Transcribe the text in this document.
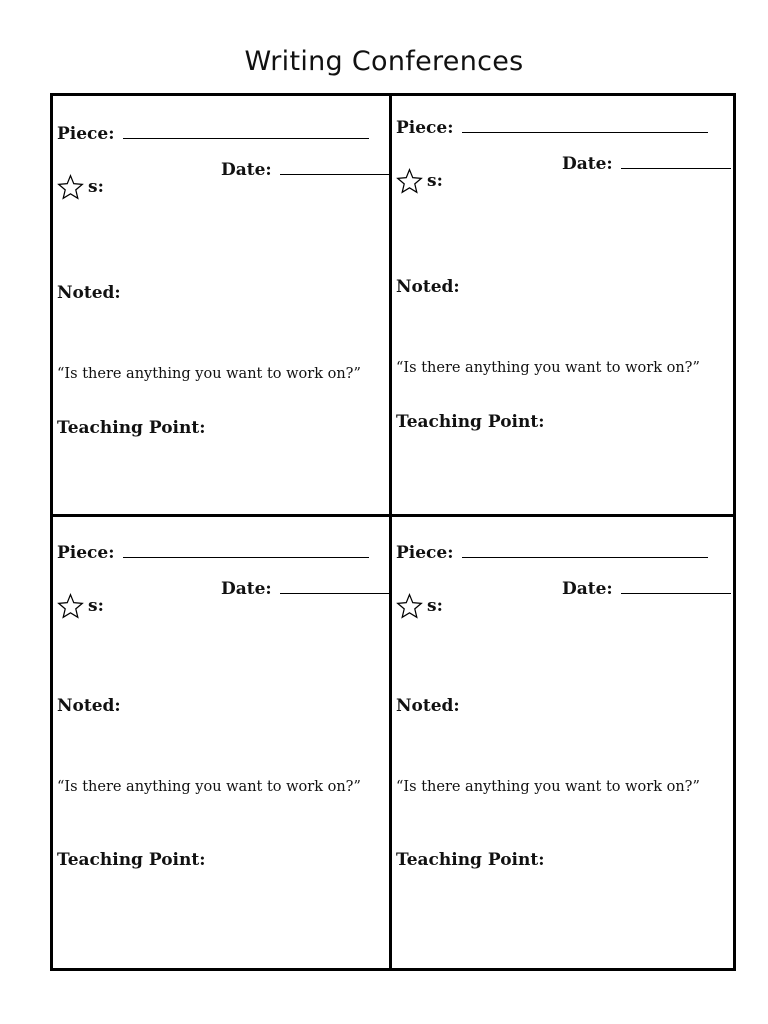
Writing Conferences
Piece:
Date:
s:
Noted:
“Is there anything you want to work on?”
Teaching Point:
Piece:
Date:
s:
Noted:
“Is there anything you want to work on?”
Teaching Point:
Piece:
Date:
s:
Noted:
“Is there anything you want to work on?”
Teaching Point:
Piece:
Date:
s:
Noted:
“Is there anything you want to work on?”
Teaching Point:
